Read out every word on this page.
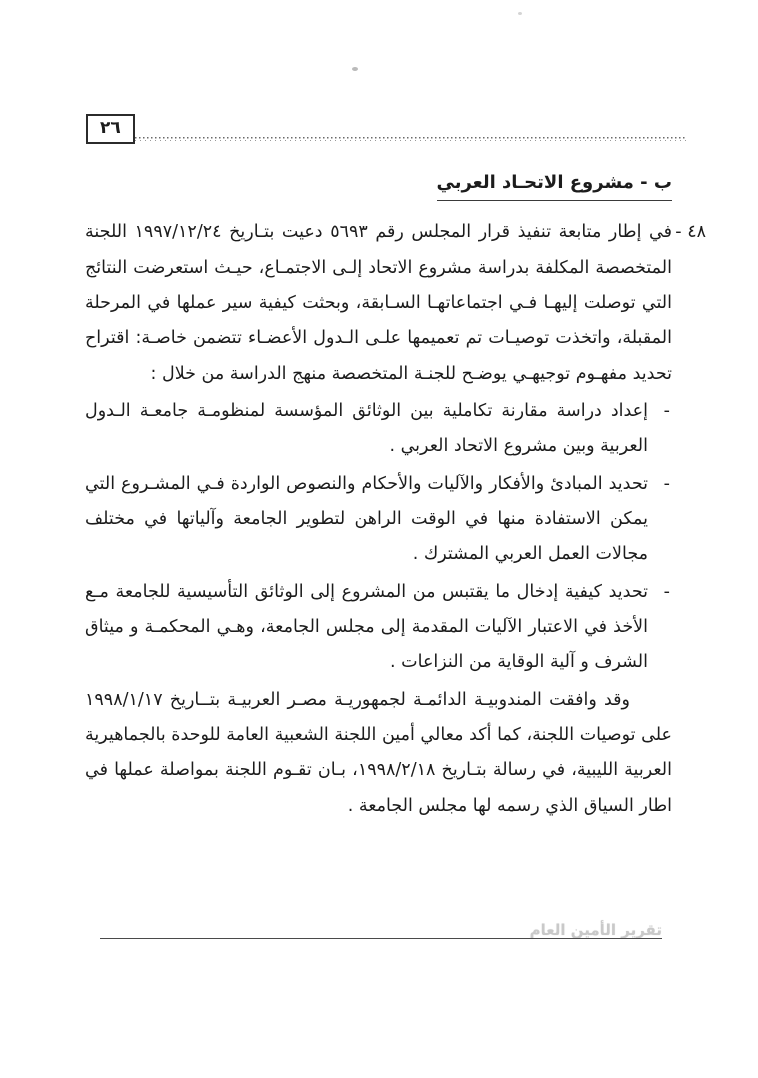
٢٦
ب - مشروع الاتحـاد العربي

٤٨ -
في إطار متابعة تنفيذ قرار المجلس رقم ٥٦٩٣ دعيت بتـاريخ ١٩٩٧/١٢/٢٤ اللجنة المتخصصة المكلفة بدراسة مشروع الاتحاد إلـى الاجتمـاع، حيـث استعرضت النتائج التي توصلت إليهـا فـي اجتماعاتهـا السـابقة، وبحثت كيفية سير عملها في المرحلة المقبلة، واتخذت توصيـات تم تعميمها علـى الـدول الأعضـاء تتضمن خاصـة: اقتراح تحديد مفهـوم توجيهـي يوضـح للجنـة المتخصصة منهج الدراسة من خلال :

-
إعداد دراسة مقارنة تكاملية بين الوثائق المؤسسة لمنظومـة جامعـة الـدول العربية وبين مشروع الاتحاد العربي .
-
تحديد المبادئ والأفكار والآليات والأحكام والنصوص الواردة فـي المشـروع التي يمكن الاستفادة منها في الوقت الراهن لتطوير الجامعة وآلياتها في مختلف مجالات العمل العربي المشترك .
-
تحديد كيفية إدخال ما يقتبس من المشروع إلى الوثائق التأسيسية للجامعة مـع الأخذ في الاعتبار الآليات المقدمة إلى مجلس الجامعة، وهـي المحكمـة و ميثاق الشرف و آلية الوقاية من النزاعات .

وقد وافقت المندوبيـة الدائمـة لجمهوريـة مصـر العربيـة بتــاريخ ١٩٩٨/١/١٧ على توصيات اللجنة، كما أكد معالي أمين اللجنة الشعبية العامة للوحدة بالجماهيرية العربية الليبية، في رسالة بتـاريخ ١٩٩٨/٢/١٨، بـان تقـوم اللجنة بمواصلة عملها في اطار السياق الذي رسمه لها مجلس الجامعة .

تقرير الأمين العام
